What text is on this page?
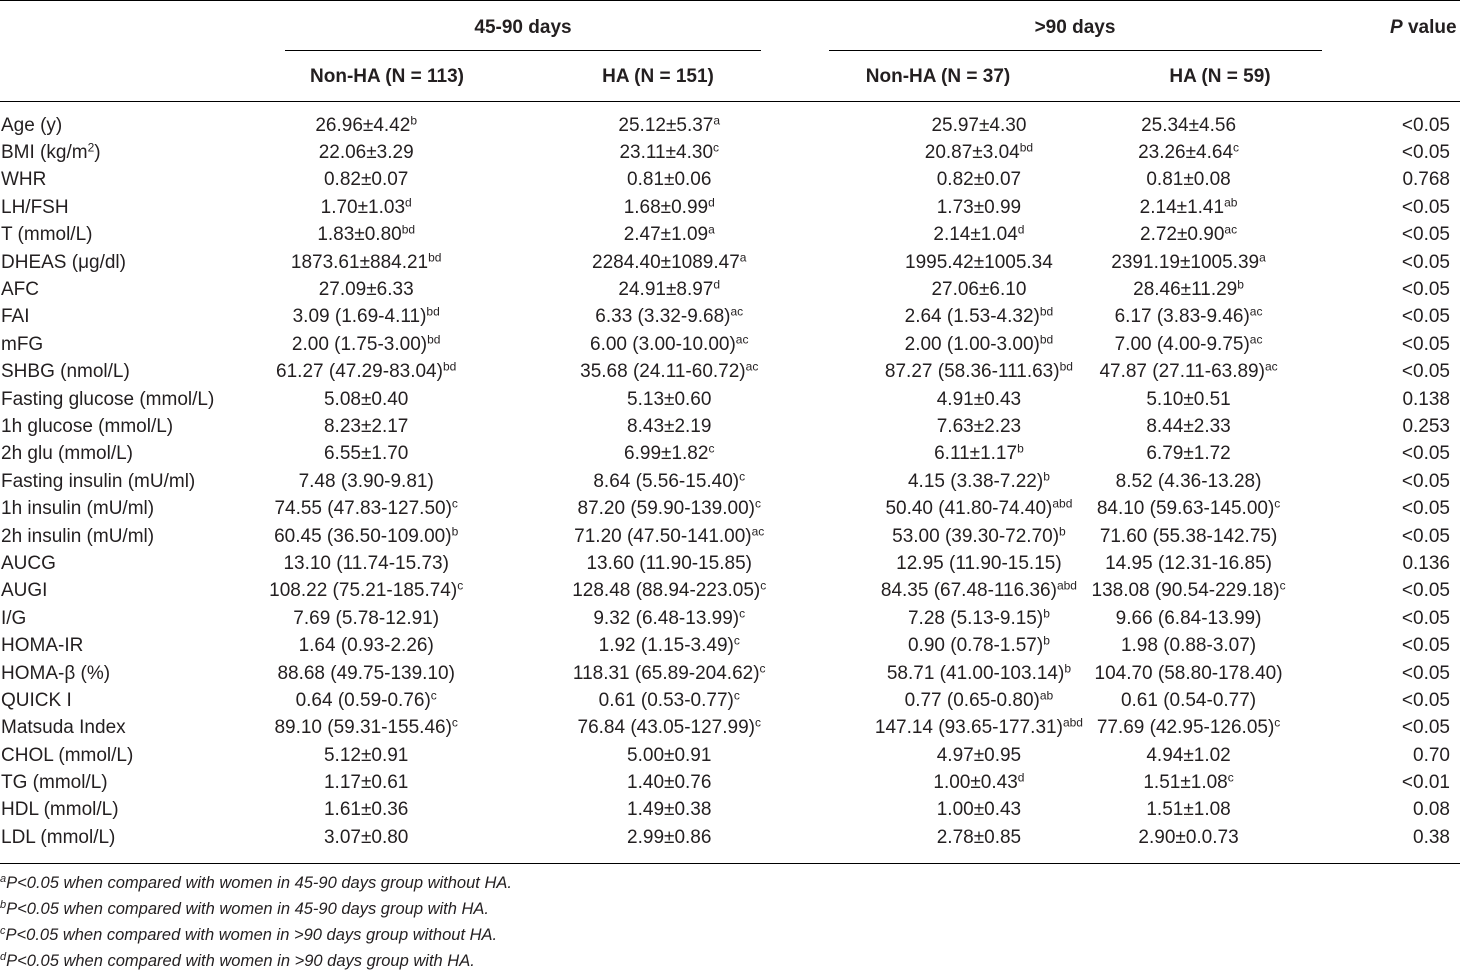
45-90 days	>90 days	P value
Non-HA (N = 113)	HA (N = 151)	Non-HA (N = 37)	HA (N = 59)
Age (y)	26.96±4.42$^b$	25.12±5.37$^a$	25.97±4.30	25.34±4.56	<0.05
BMI $(kg/m^2)$	22.06±3.29	23.11±4.30$^c$	20.87±3.04$^{bd}$	23.26±4.64$^c$	<0.05
WHR	0.82±0.07	0.81±0.06	0.82±0.07	0.81±0.08	0.768
LH/FSH	1.70±1.03$^d$	1.68±0.99$^d$	1.73±0.99	2.14±1.41$^{ab}$	<0.05
T (mmol/L)	1.83±0.80$^{bd}$	2.47±1.09$^a$	2.14±1.04$^d$	2.72±0.90$^{ac}$	<0.05
DHEAS (μg/dl)	1873.61±884.21$^{bd}$	2284.40±1089.47$^a$	1995.42±1005.34	2391.19±1005.39$^a$	<0.05
AFC	27.09±6.33	24.91±8.97$^d$	27.06±6.10	28.46±11.29$^b$	<0.05
FAI	3.09 $(1.69-4.11)^{bd}$	6.33 $(3.32-9.68)^{ac}$	2.64 $(1.53-4.32)^{bd}$	6.17 $(3.83-9.46)^{ac}$	<0.05
mFG	2.00 $(1.75-3.00)^{bd}$	6.00 $(3.00-10.00)^{ac}$	2.00 $(1.00-3.00)^{bd}$	7.00 $(4.00-9.75)^{ac}$	<0.05
SHBG (nmol/L)	61.27 $(47.29-83.04)^{bd}$	35.68 $(24.11-60.72)^{ac}$	87.27 $(58.36-111.63)^{bd}$	47.87 $(27.11-63.89)^{ac}$	<0.05
Fasting glucose (mmol/L)	5.08±0.40	5.13±0.60	4.91±0.43	5.10±0.51	0.138
1h glucose (mmol/L)	8.23±2.17	8.43±2.19	7.63±2.23	8.44±2.33	0.253
2h glu (mmol/L)	6.55±1.70	6.99±1.82$^c$	6.11±1.17$^b$	6.79±1.72	<0.05
Fasting insulin (mU/ml)	7.48 (3.90-9.81)	8.64 $(5.56-15.40)^c$	4.15 $(3.38-7.22)^b$	8.52 (4.36-13.28)	<0.05
1h insulin (mU/ml)	74.55 $(47.83-127.50)^c$	87.20 $(59.90-139.00)^c$	50.40 $(41.80-74.40)^{abd}$	84.10 $(59.63-145.00)^c$	<0.05
2h insulin (mU/ml)	60.45 $(36.50-109.00)^b$	71.20 $(47.50-141.00)^{ac}$	53.00 $(39.30-72.70)^b$	71.60 (55.38-142.75)	<0.05
AUCG	13.10 (11.74-15.73)	13.60 (11.90-15.85)	12.95 (11.90-15.15)	14.95 (12.31-16.85)	0.136
AUGI	108.22 $(75.21-185.74)^c$	128.48 $(88.94-223.05)^c$	84.35 $(67.48-116.36)^{abd}$	138.08 $(90.54-229.18)^c$	<0.05
I/G	7.69 (5.78-12.91)	9.32 $(6.48-13.99)^c$	7.28 $(5.13-9.15)^b$	9.66 (6.84-13.99)	<0.05
HOMA-IR	1.64 (0.93-2.26)	1.92 $(1.15-3.49)^c$	0.90 $(0.78-1.57)^b$	1.98 (0.88-3.07)	<0.05
HOMA-β (%)	88.68 (49.75-139.10)	118.31 $(65.89-204.62)^c$	58.71 $(41.00-103.14)^b$	104.70 (58.80-178.40)	<0.05
QUICK I	0.64 $(0.59-0.76)^c$	0.61 $(0.53-0.77)^c$	0.77 $(0.65-0.80)^{ab}$	0.61 (0.54-0.77)	<0.05
Matsuda Index	89.10 $(59.31-155.46)^c$	76.84 $(43.05-127.99)^c$	147.14 $(93.65-177.31)^{abd}$	77.69 $(42.95-126.05)^c$	<0.05
CHOL (mmol/L)	5.12±0.91	5.00±0.91	4.97±0.95	4.94±1.02	0.70
TG (mmol/L)	1.17±0.61	1.40±0.76	1.00±0.43$^d$	1.51±1.08$^c$	<0.01
HDL (mmol/L)	1.61±0.36	1.49±0.38	1.00±0.43	1.51±1.08	0.08
LDL (mmol/L)	3.07±0.80	2.99±0.86	2.78±0.85	2.90±0.0.73	0.38
$^a$P<0.05 when compared with women in 45-90 days group without HA.
$^b$P<0.05 when compared with women in 45-90 days group with HA.
$^c$P<0.05 when compared with women in >90 days group without HA.
$^d$P<0.05 when compared with women in >90 days group with HA.
